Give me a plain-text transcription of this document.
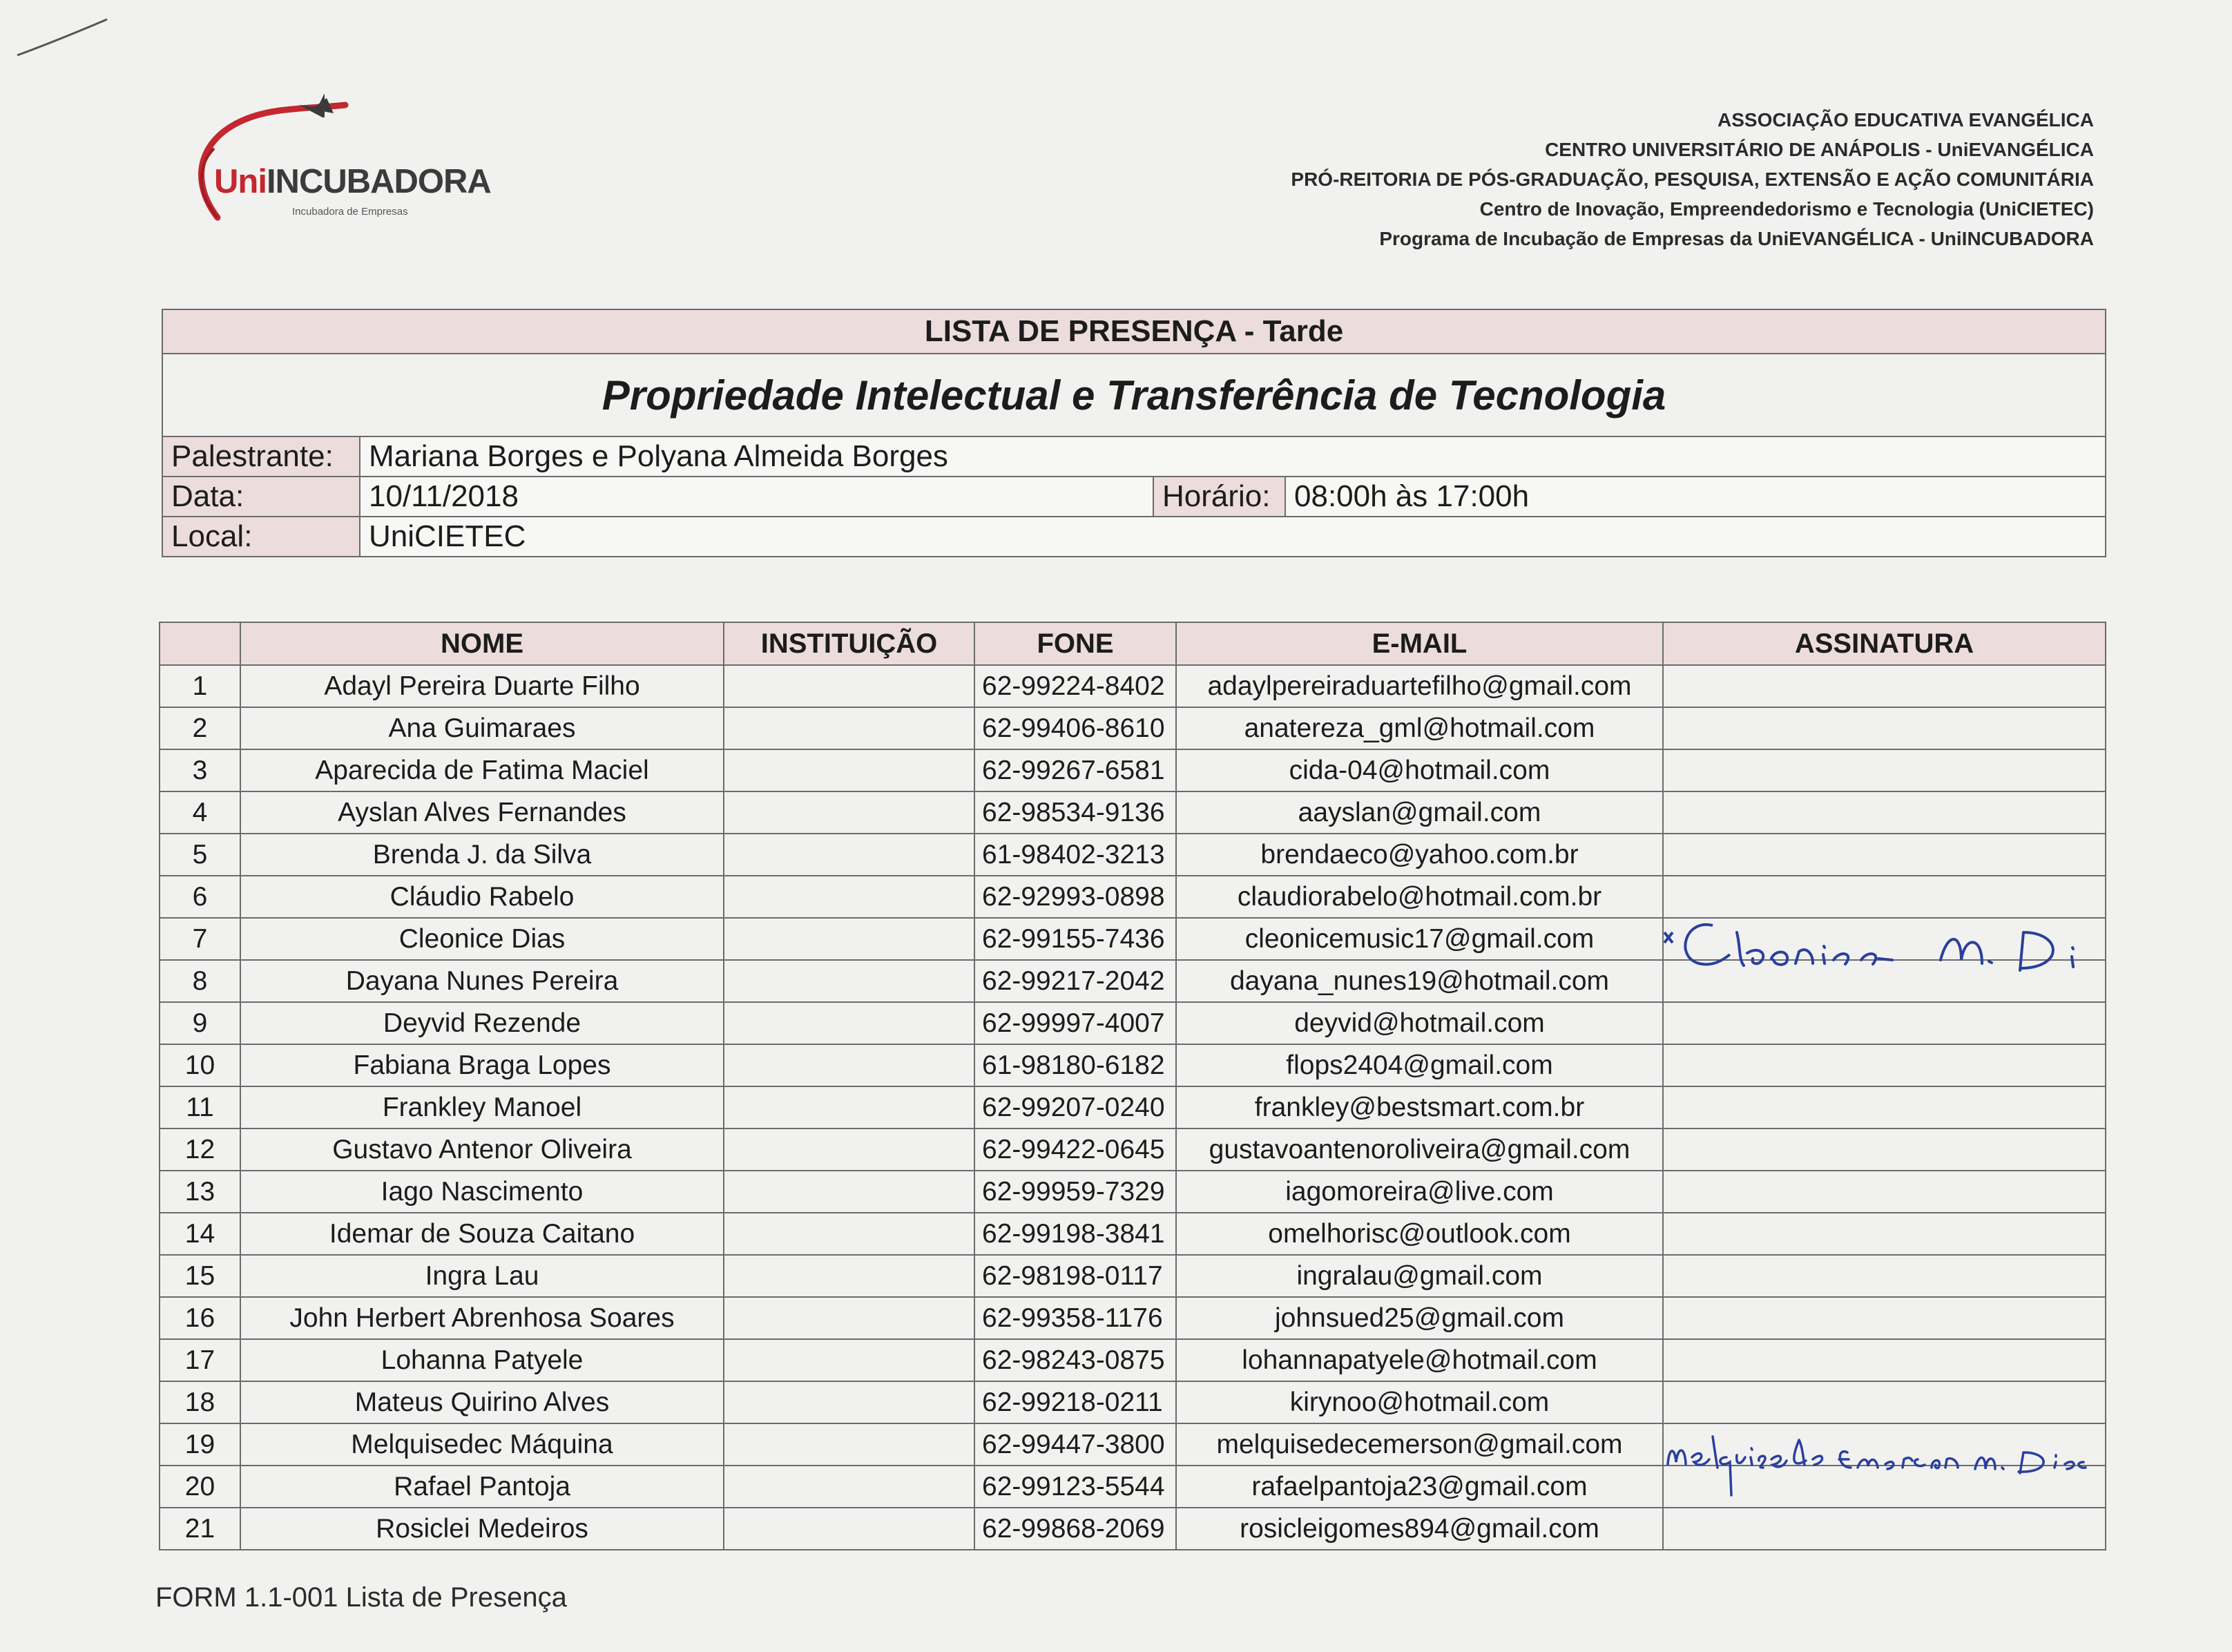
UniINCUBADORA
Incubadora de Empresas
ASSOCIAÇÃO EDUCATIVA EVANGÉLICA
CENTRO UNIVERSITÁRIO DE ANÁPOLIS - UniEVANGÉLICA
PRÓ-REITORIA DE PÓS-GRADUAÇÃO, PESQUISA, EXTENSÃO E AÇÃO COMUNITÁRIA
Centro de Inovação, Empreendedorismo e Tecnologia (UniCIETEC)
Programa de Incubação de Empresas da UniEVANGÉLICA - UniINCUBADORA
LISTA DE PRESENÇA - Tarde			
Propriedade Intelectual e Transferência de Tecnologia			
Palestrante:	Mariana Borges e Polyana Almeida Borges		
Data:	10/11/2018	Horário:	08:00h às 17:00h
Local:	UniCIETEC		
	NOME	INSTITUIÇÃO	FONE	E-MAIL	ASSINATURA
1	Adayl Pereira Duarte Filho		62-99224-8402	adaylpereiraduartefilho@gmail.com	
2	Ana Guimaraes		62-99406-8610	anatereza_gml@hotmail.com	
3	Aparecida de Fatima Maciel		62-99267-6581	cida-04@hotmail.com	
4	Ayslan Alves Fernandes		62-98534-9136	aayslan@gmail.com	
5	Brenda J. da Silva		61-98402-3213	brendaeco@yahoo.com.br	
6	Cláudio Rabelo		62-92993-0898	claudiorabelo@hotmail.com.br	
7	Cleonice Dias		62-99155-7436	cleonicemusic17@gmail.com	
8	Dayana Nunes Pereira		62-99217-2042	dayana_nunes19@hotmail.com	
9	Deyvid Rezende		62-99997-4007	deyvid@hotmail.com	
10	Fabiana Braga Lopes		61-98180-6182	flops2404@gmail.com	
11	Frankley Manoel		62-99207-0240	frankley@bestsmart.com.br	
12	Gustavo Antenor Oliveira		62-99422-0645	gustavoantenoroliveira@gmail.com	
13	Iago Nascimento		62-99959-7329	iagomoreira@live.com	
14	Idemar de Souza Caitano		62-99198-3841	omelhorisc@outlook.com	
15	Ingra Lau		62-98198-0117	ingralau@gmail.com	
16	John Herbert Abrenhosa Soares		62-99358-1176	johnsued25@gmail.com	
17	Lohanna Patyele		62-98243-0875	lohannapatyele@hotmail.com	
18	Mateus Quirino Alves		62-99218-0211	kirynoo@hotmail.com	
19	Melquisedec Máquina		62-99447-3800	melquisedecemerson@gmail.com	
20	Rafael Pantoja		62-99123-5544	rafaelpantoja23@gmail.com	
21	Rosiclei Medeiros		62-99868-2069	rosicleigomes894@gmail.com	
FORM 1.1-001 Lista de Presença
